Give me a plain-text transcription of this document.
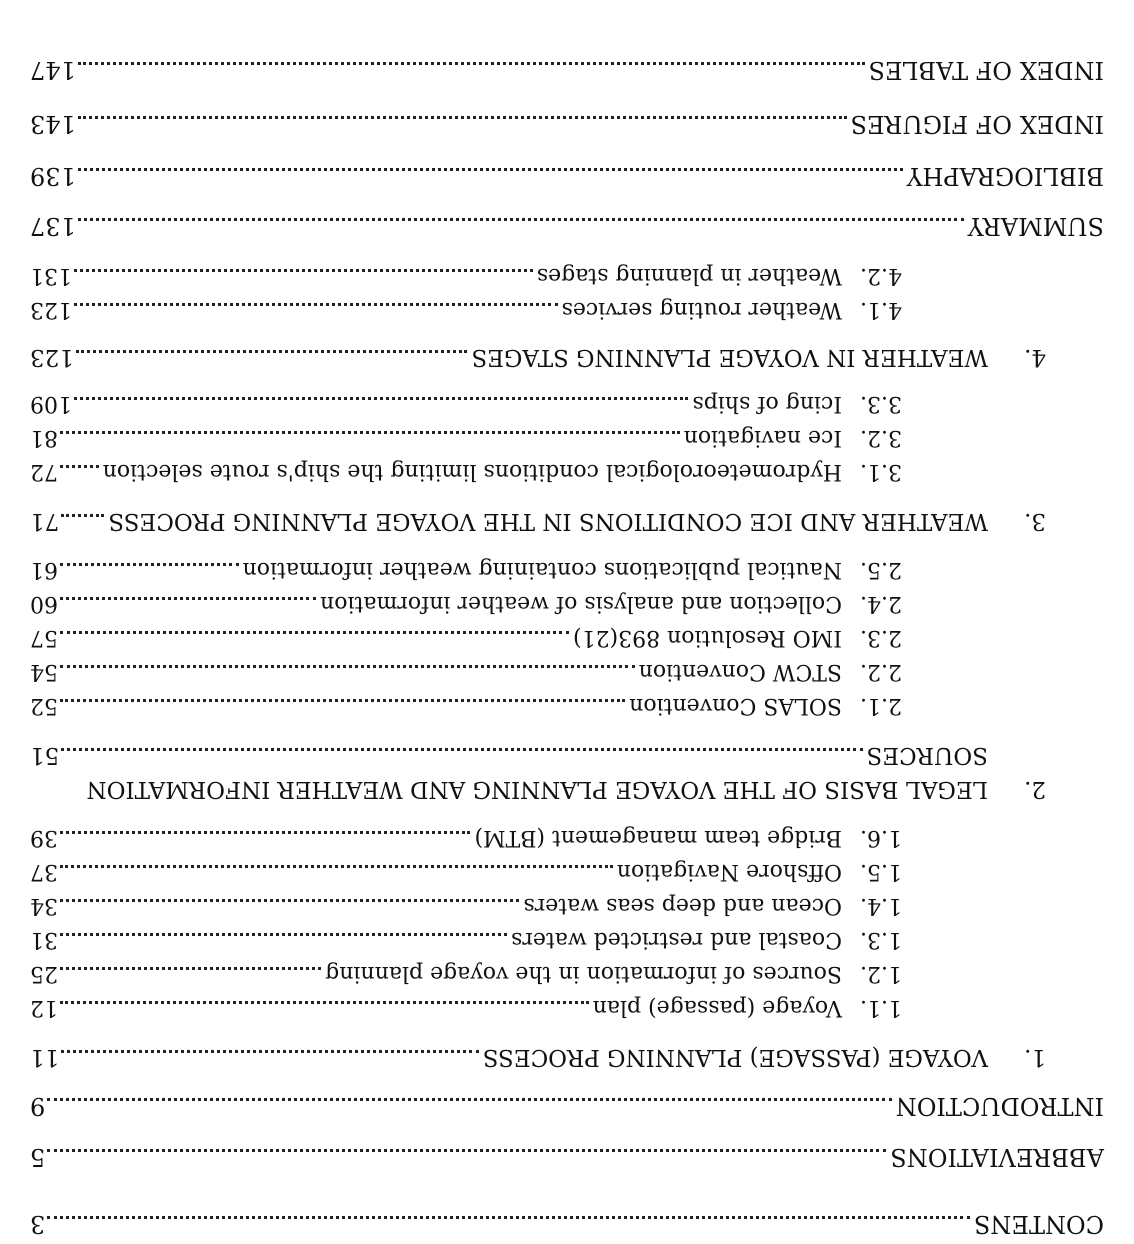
CONTENS
3
ABBREVIATIONS
5
INTRODUCTION
9
1.
VOYAGE (PASSAGE) PLANNING PROCESS
11
1.1.
Voyage (passage) plan
12
1.2.
Sources of information in the voyage planning
25
1.3.
Coastal and restricted waters
31
1.4.
Ocean and deep seas waters
34
1.5.
Offshore Navigation
37
1.6.
Bridge team management (BTM)
39
2.LEGAL BASIS OF THE VOYAGE PLANNING AND WEATHER INFORMATION
SOURCES
51
2.1.
SOLAS Convention
52
2.2.
STCW Convention
54
2.3.
IMO Resolution 893(21)
57
2.4.
Collection and analysis of weather information
60
2.5.
Nautical publications containing weather information
61
3.
WEATHER AND ICE CONDITIONS IN THE VOYAGE PLANNING PROCESS
71
3.1.
Hydrometeorological conditions limiting the ship's route selection
72
3.2.
Ice navigation
81
3.3.
Icing of ships
109
4.
WEATHER IN VOYAGE PLANNING STAGES
123
4.1.
Weather routing services
123
4.2.
Weather in planning stages
131
SUMMARY
137
BIBLIOGRAPHY
139
INDEX OF FIGURES
143
INDEX OF TABLES
147
